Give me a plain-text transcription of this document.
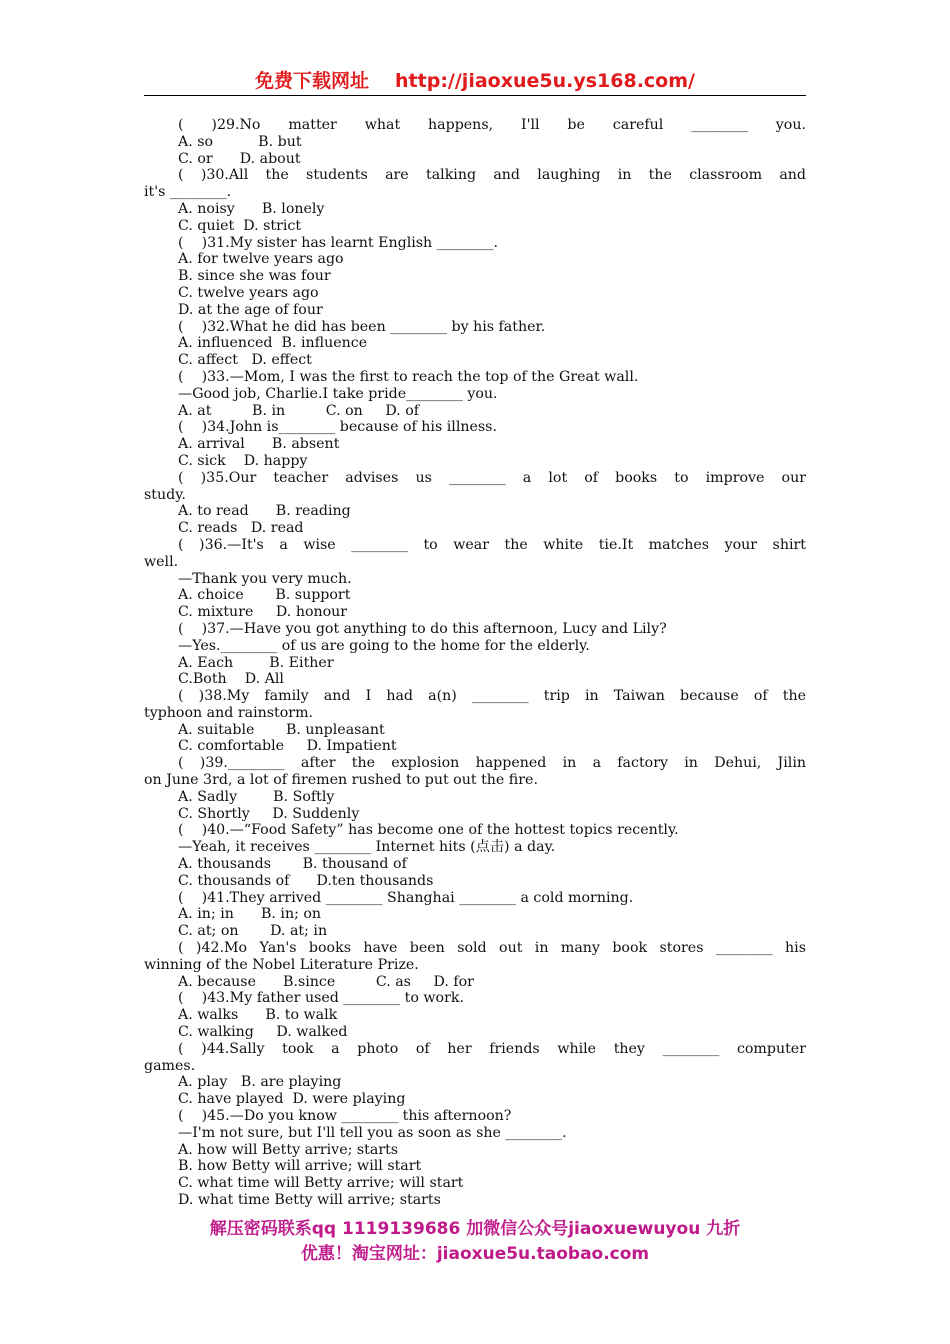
免费下载网址 http://jiaoxue5u.ys168.com/
( )29.No matter what happens, I'll be careful ________ you.
A. so          B. but
C. or      D. about
( )30.All the students are talking and laughing in the classroom and
it's ________.
A. noisy      B. lonely
C. quiet  D. strict
(    )31.My sister has learnt English ________.
A. for twelve years ago
B. since she was four
C. twelve years ago
D. at the age of four
(    )32.What he did has been ________ by his father.
A. influenced  B. influence
C. affect   D. effect
(    )33.—Mom, I was the first to reach the top of the Great wall.
—Good job, Charlie.I take pride________ you.
A. at         B. in         C. on     D. of
(    )34.John is________ because of his illness.
A. arrival      B. absent
C. sick    D. happy
( )35.Our teacher advises us ________ a lot of books to improve our
study.
A. to read      B. reading
C. reads   D. read
( )36.—It's a wise ________ to wear the white tie.It matches your shirt
well.
—Thank you very much.
A. choice       B. support
C. mixture     D. honour
(    )37.—Have you got anything to do this afternoon, Lucy and Lily?
—Yes.________ of us are going to the home for the elderly.
A. Each        B. Either
C.Both    D. All
( )38.My family and I had a(n) ________ trip in Taiwan because of the
typhoon and rainstorm.
A. suitable       B. unpleasant
C. comfortable     D. Impatient
( )39.________ after the explosion happened in a factory in Dehui, Jilin
on June 3rd, a lot of firemen rushed to put out the fire.
A. Sadly        B. Softly
C. Shortly     D. Suddenly
(    )40.—“Food Safety” has become one of the hottest topics recently.
—Yeah, it receives ________ Internet hits (点击) a day.
A. thousands       B. thousand of
C. thousands of      D.ten thousands
(    )41.They arrived ________ Shanghai ________ a cold morning.
A. in; in      B. in; on
C. at; on       D. at; in
( )42.Mo Yan's books have been sold out in many book stores ________ his
winning of the Nobel Literature Prize.
A. because      B.since         C. as     D. for
(    )43.My father used ________ to work.
A. walks      B. to walk
C. walking     D. walked
( )44.Sally took a photo of her friends while they ________ computer
games.
A. play   B. are playing
C. have played  D. were playing
(    )45.—Do you know ________ this afternoon?
—I'm not sure, but I'll tell you as soon as she ________.
A. how will Betty arrive; starts
B. how Betty will arrive; will start
C. what time will Betty arrive; will start
D. what time Betty will arrive; starts
解压密码联系qq 1119139686 加微信公众号jiaoxuewuyou 九折
优惠！淘宝网址：jiaoxue5u.taobao.com
